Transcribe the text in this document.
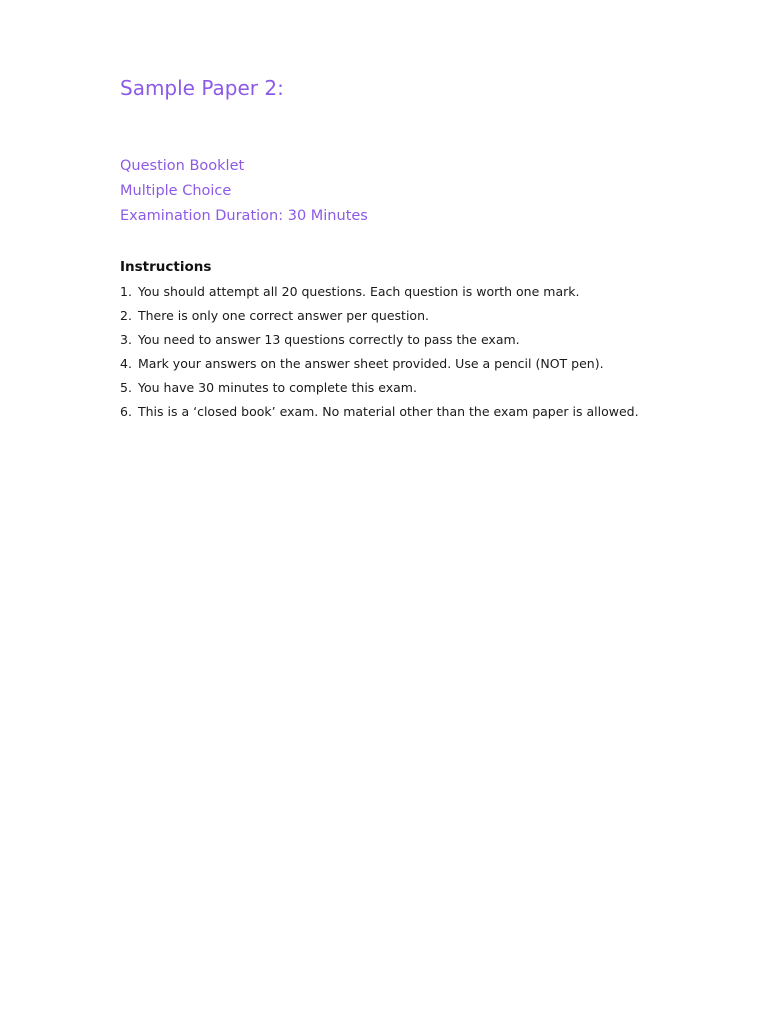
Sample Paper 2:
Question Booklet
Multiple Choice
Examination Duration: 30 Minutes
Instructions
1. You should attempt all 20 questions. Each question is worth one mark.
2. There is only one correct answer per question.
3. You need to answer 13 questions correctly to pass the exam.
4. Mark your answers on the answer sheet provided. Use a pencil (NOT pen).
5. You have 30 minutes to complete this exam.
6. This is a ‘closed book’ exam. No material other than the exam paper is allowed.
